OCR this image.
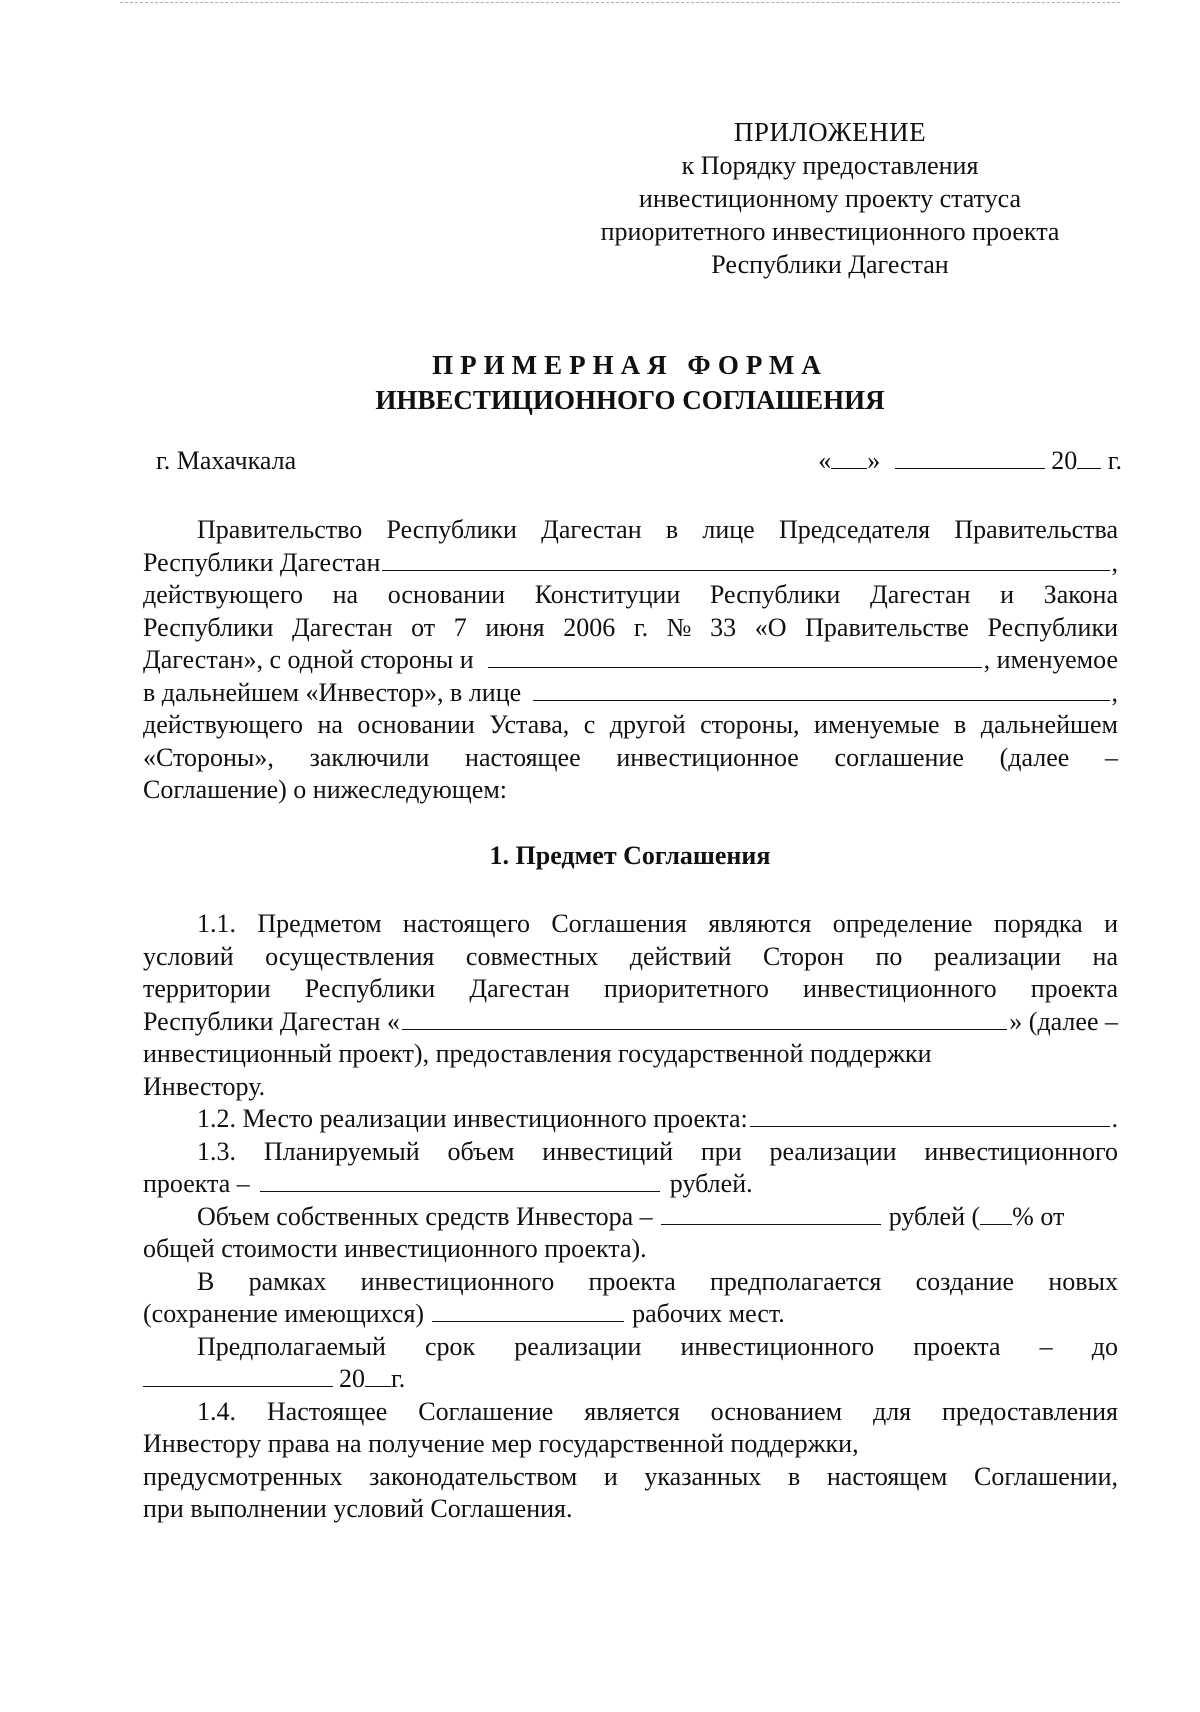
ПРИЛОЖЕНИЕ
к Порядку предоставления
инвестиционному проекту статуса
приоритетного инвестиционного проекта
Республики Дагестан
ПРИМЕРНАЯ ФОРМА
ИНВЕСТИЦИОННОГО СОГЛАШЕНИЯ
г. Махачкала	« »	20 г.
Правительство Республики Дагестан в лице Председателя Правительства
Республики Дагестан	,
действующего на основании Конституции Республики Дагестан и Закона
Республики Дагестан от 7 июня 2006 г. № 33 «О Правительстве Республики
Дагестан», с одной стороны и	, именуемое
в дальнейшем «Инвестор», в лице	,
действующего на основании Устава, с другой стороны, именуемые в дальнейшем
«Стороны», заключили настоящее инвестиционное соглашение (далее –
Соглашение) о нижеследующем:
1. Предмет Соглашения
1.1. Предметом настоящего Соглашения являются определение порядка и
условий осуществления совместных действий Сторон по реализации на
территории Республики Дагестан приоритетного инвестиционного проекта
Республики Дагестан «	» (далее –
инвестиционный проект), предоставления государственной поддержки
Инвестору.
1.2. Место реализации инвестиционного проекта:	.
1.3. Планируемый объем инвестиций при реализации инвестиционного
проекта –	рублей.
Объем собственных средств Инвестора –	рублей ( % от
общей стоимости инвестиционного проекта).
В рамках инвестиционного проекта предполагается создание новых
(сохранение имеющихся)	рабочих мест.
Предполагаемый срок реализации инвестиционного проекта – до
20 г.
1.4. Настоящее Соглашение является основанием для предоставления
Инвестору права на получение мер государственной поддержки,
предусмотренных законодательством и указанных в настоящем Соглашении,
при выполнении условий Соглашения.
